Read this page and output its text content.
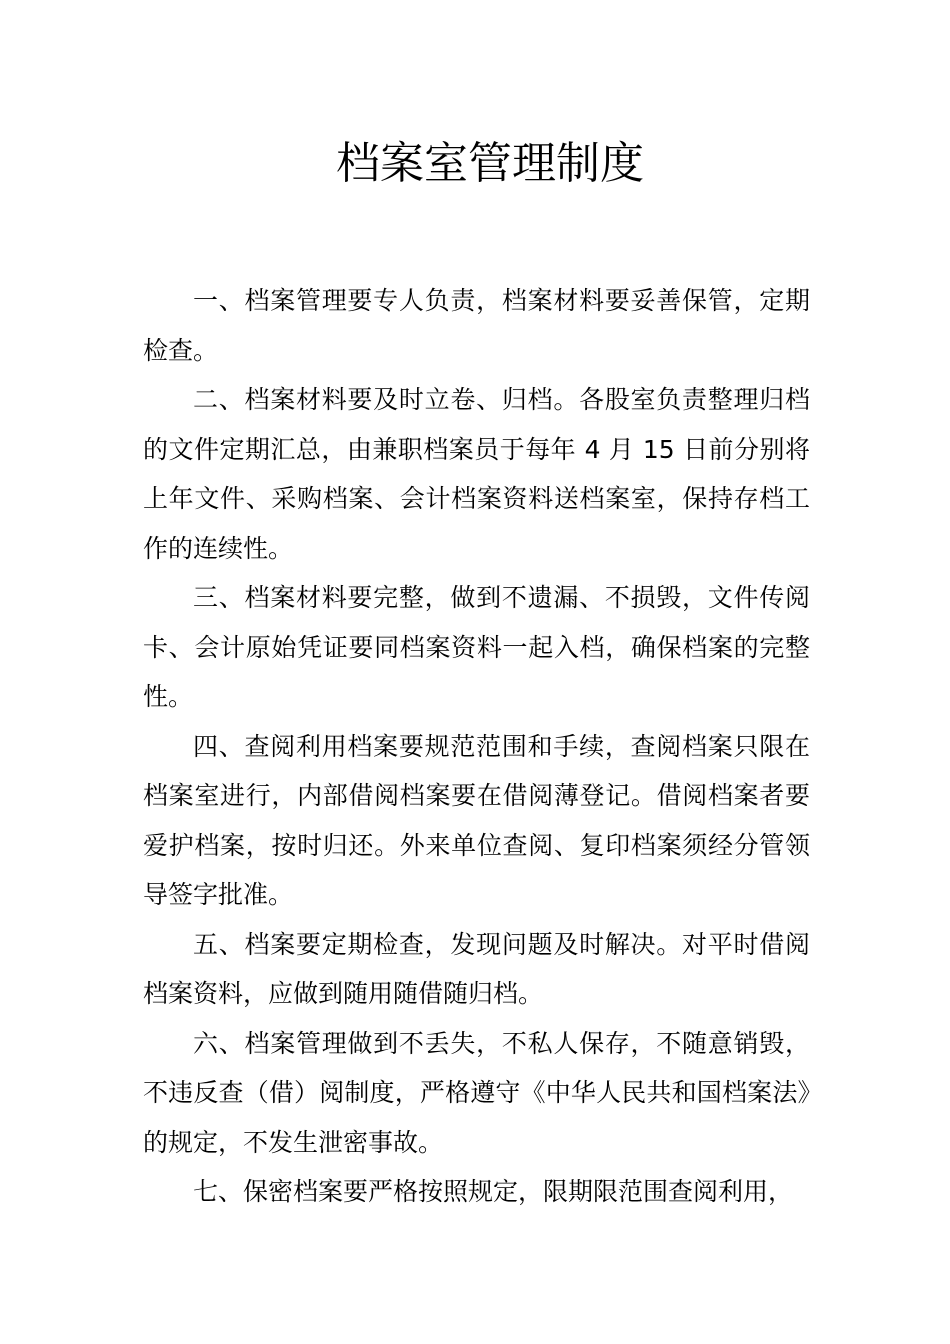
档案室管理制度

一、档案管理要专人负责，档案材料要妥善保管，定期检查。

二、档案材料要及时立卷、归档。各股室负责整理归档的文件定期汇总，由兼职档案员于每年 4 月 15 日前分别将上年文件、采购档案、会计档案资料送档案室，保持存档工作的连续性。

三、档案材料要完整，做到不遗漏、不损毁，文件传阅卡、会计原始凭证要同档案资料一起入档，确保档案的完整性。

四、查阅利用档案要规范范围和手续，查阅档案只限在档案室进行，内部借阅档案要在借阅薄登记。借阅档案者要爱护档案，按时归还。外来单位查阅、复印档案须经分管领导签字批准。

五、档案要定期检查，发现问题及时解决。对平时借阅档案资料，应做到随用随借随归档。

六、档案管理做到不丢失，不私人保存，不随意销毁，不违反查（借）阅制度，严格遵守《中华人民共和国档案法》的规定，不发生泄密事故。

七、保密档案要严格按照规定，限期限范围查阅利用，
